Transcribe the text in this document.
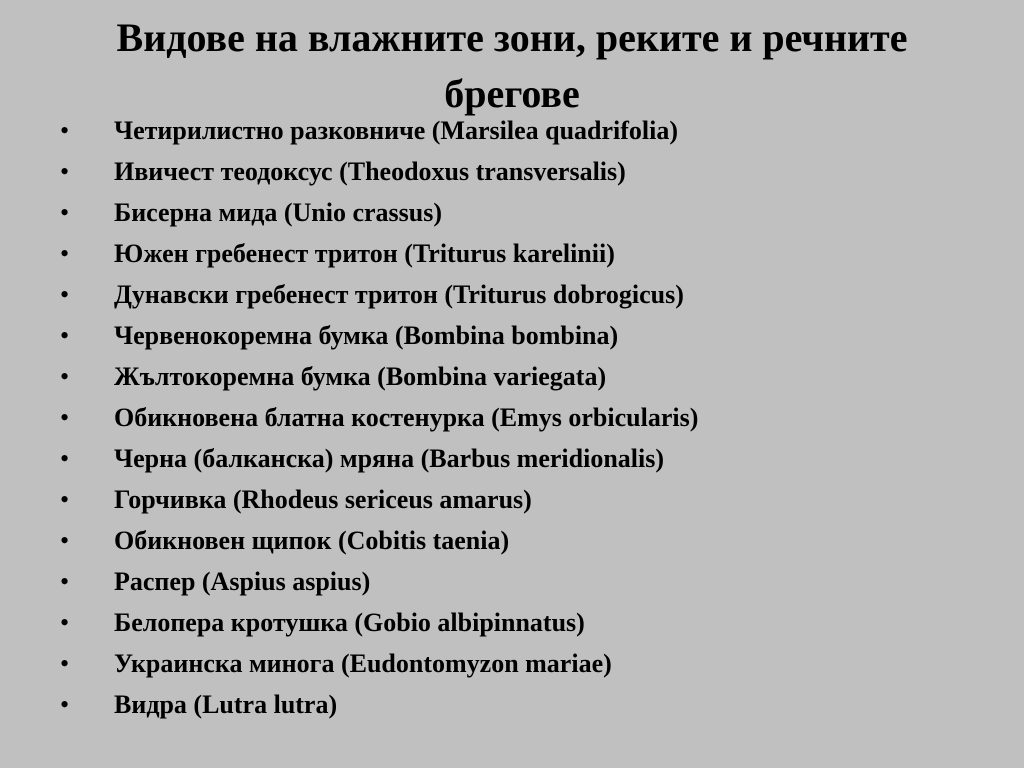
Видове на влажните зони, реките и речните
брегове
•	Четирилистно разковниче (Marsilea quadrifolia)
•	Ивичест теодоксус (Theodoxus transversalis)
•	Бисерна мида (Unio crassus)
•	Южен гребенест тритон (Triturus karelinii)
•	Дунавски гребенест тритон (Triturus dobrogicus)
•	Червенокоремна бумка (Bombina bombina)
•	Жълтокоремна бумка (Bombina variegata)
•	Обикновена блатна костенурка (Emys orbicularis)
•	Черна (балканска) мряна (Barbus meridionalis)
•	Горчивка (Rhodeus sericeus amarus)
•	Обикновен щипок (Cobitis taenia)
•	Распер (Aspius aspius)
•	Белопера кротушка (Gobio albipinnatus)
•	Украинска минога (Eudontomyzon mariae)
•	Видра (Lutra lutra)
